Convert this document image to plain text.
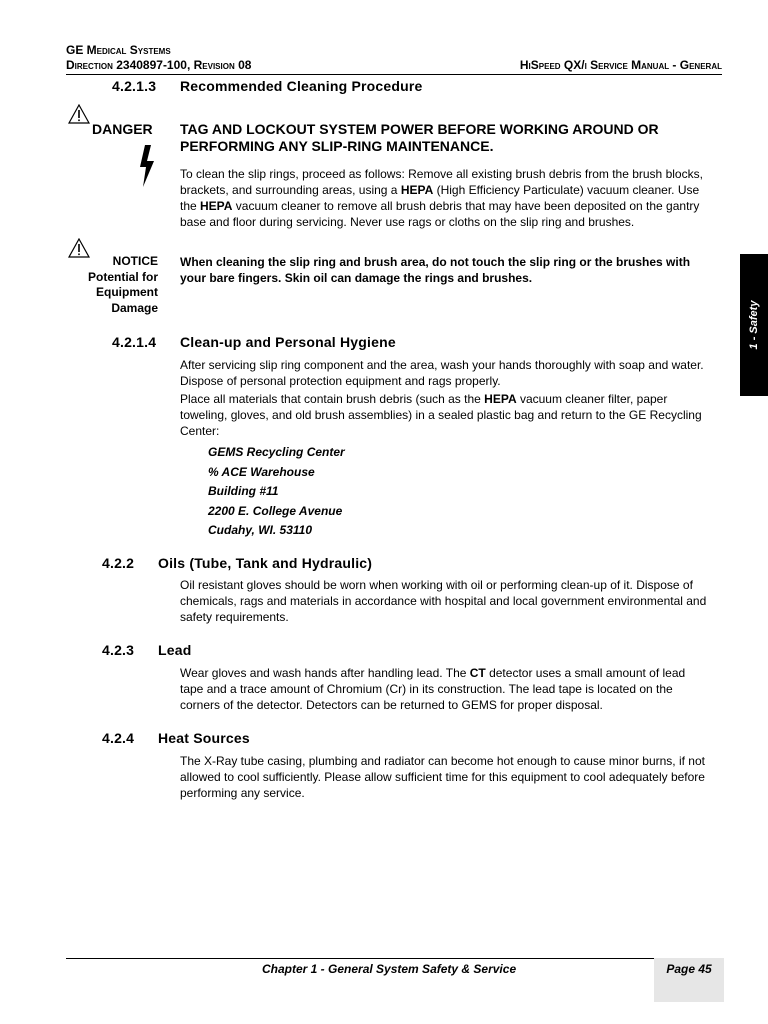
GE Medical Systems
Direction 2340897-100, Revision 08	HiSpeed QX/i Service Manual - General
4.2.1.3 Recommended Cleaning Procedure
DANGER TAG AND LOCKOUT SYSTEM POWER BEFORE WORKING AROUND OR
PERFORMING ANY SLIP-RING MAINTENANCE.
To clean the slip rings, proceed as follows: Remove all existing brush debris from the brush blocks,
brackets, and surrounding areas, using a HEPA (High Efficiency Particulate) vacuum cleaner. Use
the HEPA vacuum cleaner to remove all brush debris that may have been deposited on the gantry
base and floor during servicing. Never use rags or cloths on the slip ring and brushes.
NOTICE
Potential for
Equipment
Damage
When cleaning the slip ring and brush area, do not touch the slip ring or the brushes with
your bare fingers. Skin oil can damage the rings and brushes.
1 - Safety
4.2.1.4 Clean-up and Personal Hygiene
After servicing slip ring component and the area, wash your hands thoroughly with soap and water.
Dispose of personal protection equipment and rags properly.
Place all materials that contain brush debris (such as the HEPA vacuum cleaner filter, paper
toweling, gloves, and old brush assemblies) in a sealed plastic bag and return to the GE Recycling
Center:
GEMS Recycling Center
% ACE Warehouse
Building #11
2200 E. College Avenue
Cudahy, WI. 53110
4.2.2 Oils (Tube, Tank and Hydraulic)
Oil resistant gloves should be worn when working with oil or performing clean-up of it. Dispose of
chemicals, rags and materials in accordance with hospital and local government environmental and
safety requirements.
4.2.3 Lead
Wear gloves and wash hands after handling lead. The CT detector uses a small amount of lead
tape and a trace amount of Chromium (Cr) in its construction. The lead tape is located on the
corners of the detector. Detectors can be returned to GEMS for proper disposal.
4.2.4 Heat Sources
The X-Ray tube casing, plumbing and radiator can become hot enough to cause minor burns, if not
allowed to cool sufficiently. Please allow sufficient time for this equipment to cool adequately before
performing any service.
Chapter 1 - General System Safety & Service	Page 45
